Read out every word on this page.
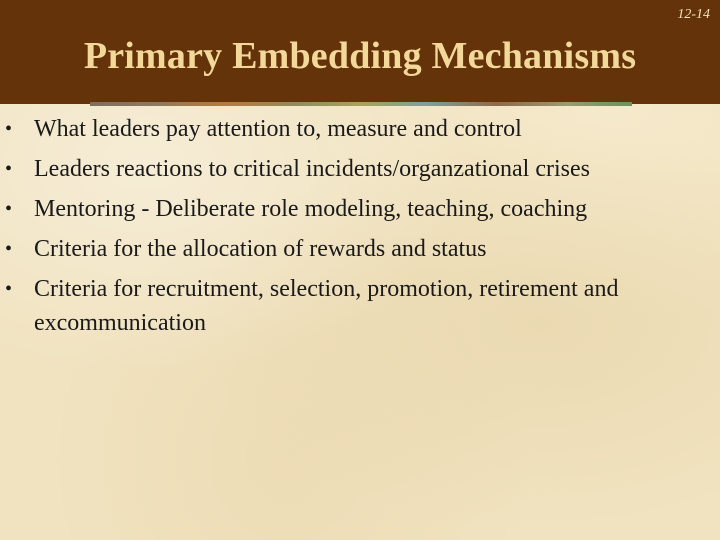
12-14
Primary Embedding Mechanisms
• What leaders pay attention to, measure and control
• Leaders reactions to critical incidents/organzational crises
• Mentoring - Deliberate role modeling, teaching, coaching
• Criteria for the allocation of rewards and status
• Criteria for recruitment, selection, promotion, retirement and excommunication
